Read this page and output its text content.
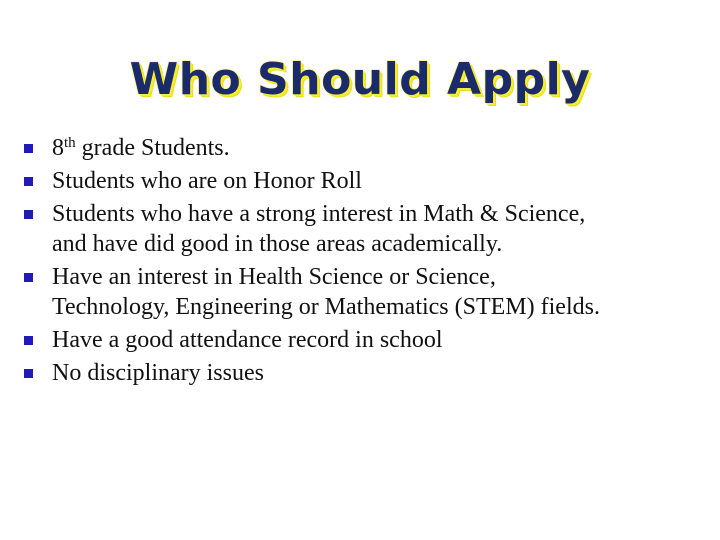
Who Should Apply
8th grade Students.
Students who are on Honor Roll
Students who have a strong interest in Math & Science,
and have did good in those areas academically.
Have an interest in Health Science or Science,
Technology, Engineering or Mathematics (STEM) fields.
Have a good attendance record in school
No disciplinary issues
